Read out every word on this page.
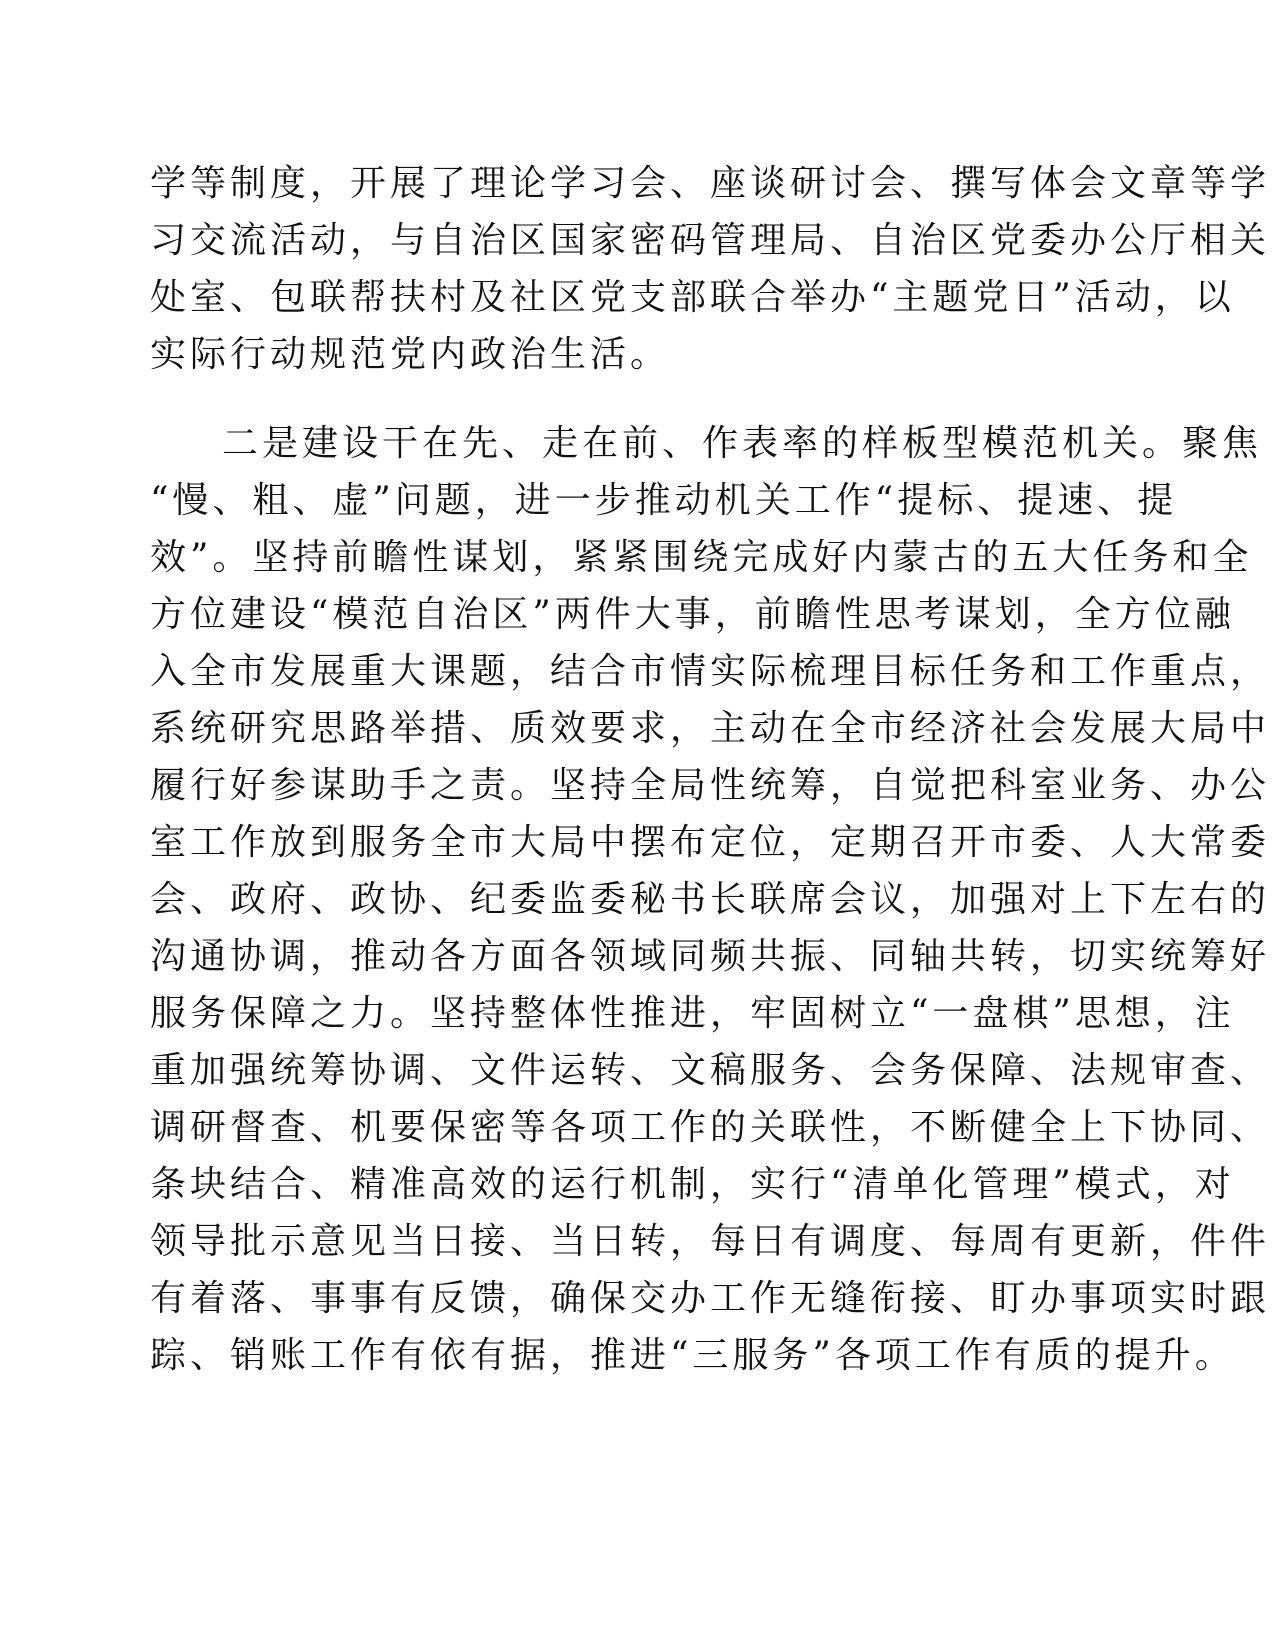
学等制度，开展了理论学习会、座谈研讨会、撰写体会文章等学
习交流活动，与自治区国家密码管理局、自治区党委办公厅相关
处室、包联帮扶村及社区党支部联合举办“主题党日”活动，以
实际行动规范党内政治生活。
二是建设干在先、走在前、作表率的样板型模范机关。聚焦
“慢、粗、虚”问题，进一步推动机关工作“提标、提速、提
效”。坚持前瞻性谋划，紧紧围绕完成好内蒙古的五大任务和全
方位建设“模范自治区”两件大事，前瞻性思考谋划，全方位融
入全市发展重大课题，结合市情实际梳理目标任务和工作重点，
系统研究思路举措、质效要求，主动在全市经济社会发展大局中
履行好参谋助手之责。坚持全局性统筹，自觉把科室业务、办公
室工作放到服务全市大局中摆布定位，定期召开市委、人大常委
会、政府、政协、纪委监委秘书长联席会议，加强对上下左右的
沟通协调，推动各方面各领域同频共振、同轴共转，切实统筹好
服务保障之力。坚持整体性推进，牢固树立“一盘棋”思想，注
重加强统筹协调、文件运转、文稿服务、会务保障、法规审查、
调研督查、机要保密等各项工作的关联性，不断健全上下协同、
条块结合、精准高效的运行机制，实行“清单化管理”模式，对
领导批示意见当日接、当日转，每日有调度、每周有更新，件件
有着落、事事有反馈，确保交办工作无缝衔接、盯办事项实时跟
踪、销账工作有依有据，推进“三服务”各项工作有质的提升。
